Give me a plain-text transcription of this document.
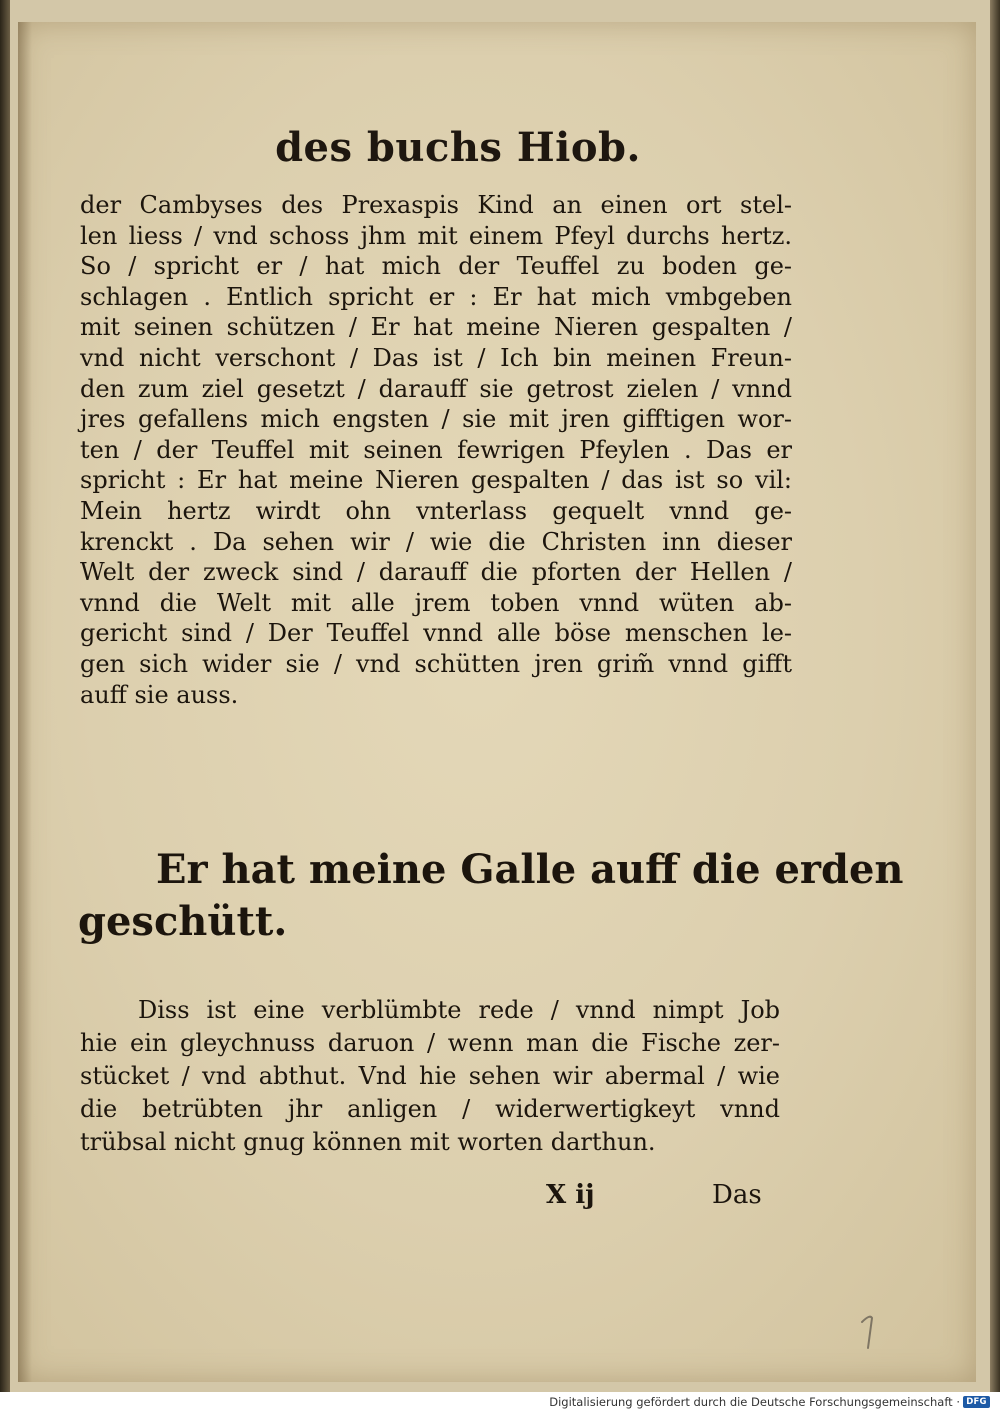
des buchs Hiob.
der Cambyses des Prexaspis Kind an einen ort stel-
len liess / vnd schoss jhm mit einem Pfeyl durchs hertz.
So / spricht er / hat mich der Teuffel zu boden ge-
schlagen . Entlich spricht er : Er hat mich vmbgeben
mit seinen schützen / Er hat meine Nieren gespalten /
vnd nicht verschont / Das ist / Ich bin meinen Freun-
den zum ziel gesetzt / darauff sie getrost zielen / vnnd
jres gefallens mich engsten / sie mit jren gifftigen wor-
ten / der Teuffel mit seinen fewrigen Pfeylen . Das er
spricht : Er hat meine Nieren gespalten / das ist so vil:
Mein hertz wirdt ohn vnterlass gequelt vnnd ge-
krenckt . Da sehen wir / wie die Christen inn dieser
Welt der zweck sind / darauff die pforten der Hellen /
vnnd die Welt mit alle jrem toben vnnd wüten ab-
gericht sind / Der Teuffel vnnd alle böse menschen le-
gen sich wider sie / vnd schütten jren grim̃ vnnd gifft
auff sie auss.
Er hat meine Galle auff die erden
geschütt.
Diss ist eine verblümbte rede / vnnd nimpt Job
hie ein gleychnuss daruon / wenn man die Fische zer-
stücket / vnd abthut. Vnd hie sehen wir abermal / wie
die betrübten jhr anligen / widerwertigkeyt vnnd
trübsal nicht gnug können mit worten darthun.
X ij	Das
Digitalisierung gefördert durch die Deutsche Forschungsgemeinschaft · DFG
